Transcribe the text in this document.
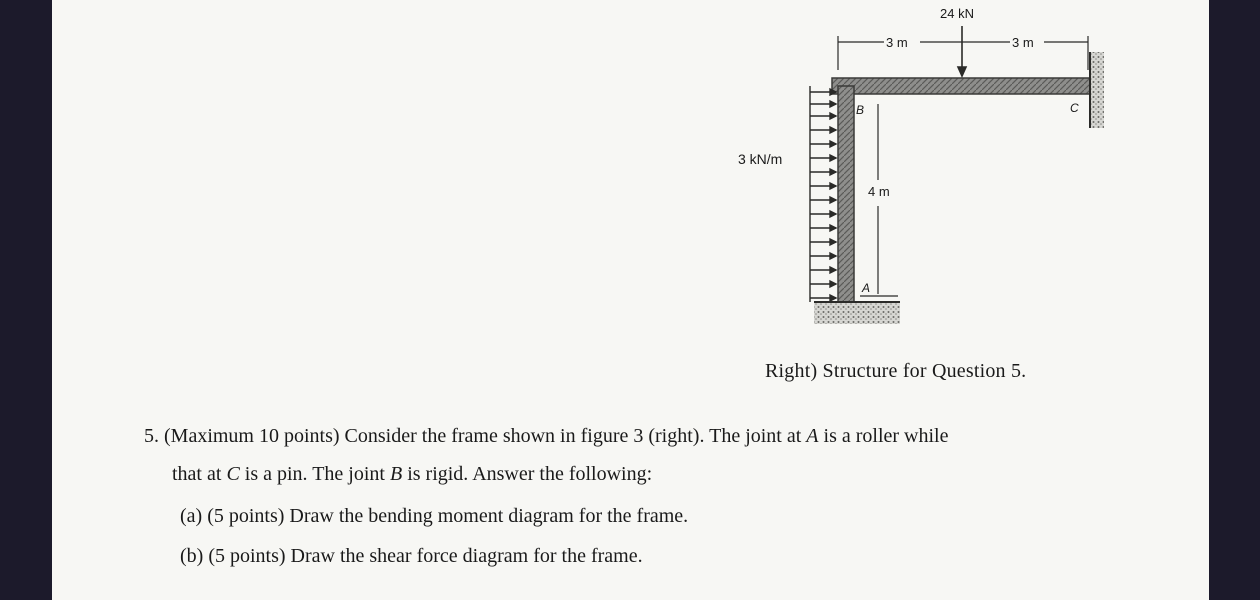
24 kN
3 m	3 m
4 m
3 kN/m
B	C
A
Right) Structure for Question 5.
5. (Maximum 10 points) Consider the frame shown in figure 3 (right). The joint at A is a roller while
that at C is a pin. The joint B is rigid. Answer the following:
(a) (5 points) Draw the bending moment diagram for the frame.
(b) (5 points) Draw the shear force diagram for the frame.
